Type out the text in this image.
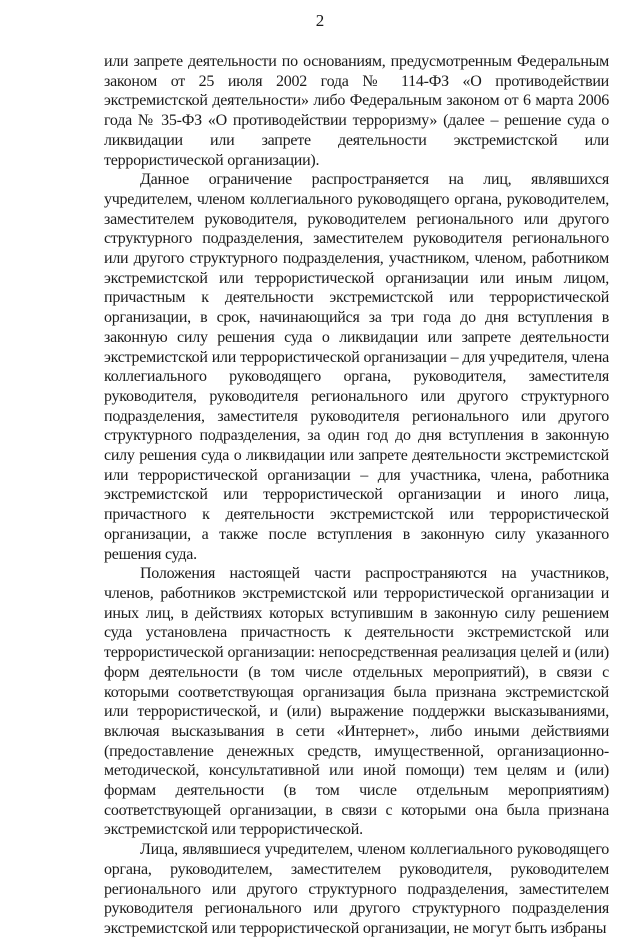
2

или запрете деятельности по основаниям, предусмотренным Федеральным законом от 25 июля 2002 года № 114-ФЗ «О противодействии экстремистской деятельности» либо Федеральным законом от 6 марта 2006 года № 35-ФЗ «О противодействии терроризму» (далее – решение суда о ликвидации или запрете деятельности экстремистской или террористической организации).

Данное ограничение распространяется на лиц, являвшихся учредителем, членом коллегиального руководящего органа, руководителем, заместителем руководителя, руководителем регионального или другого структурного подразделения, заместителем руководителя регионального или другого структурного подразделения, участником, членом, работником экстремистской или террористической организации или иным лицом, причастным к деятельности экстремистской или террористической организации, в срок, начинающийся за три года до дня вступления в законную силу решения суда о ликвидации или запрете деятельности экстремистской или террористической организации – для учредителя, члена коллегиального руководящего органа, руководителя, заместителя руководителя, руководителя регионального или другого структурного подразделения, заместителя руководителя регионального или другого структурного подразделения, за один год до дня вступления в законную силу решения суда о ликвидации или запрете деятельности экстремистской или террористической организации – для участника, члена, работника экстремистской или террористической организации и иного лица, причастного к деятельности экстремистской или террористической организации, а также после вступления в законную силу указанного решения суда.

Положения настоящей части распространяются на участников, членов, работников экстремистской или террористической организации и иных лиц, в действиях которых вступившим в законную силу решением суда установлена причастность к деятельности экстремистской или террористической организации: непосредственная реализация целей и (или) форм деятельности (в том числе отдельных мероприятий), в связи с которыми соответствующая организация была признана экстремистской или террористической, и (или) выражение поддержки высказываниями, включая высказывания в сети «Интернет», либо иными действиями (предоставление денежных средств, имущественной, организационно-методической, консультативной или иной помощи) тем целям и (или) формам деятельности (в том числе отдельным мероприятиям) соответствующей организации, в связи с которыми она была признана экстремистской или террористической.

Лица, являвшиеся учредителем, членом коллегиального руководящего органа, руководителем, заместителем руководителя, руководителем регионального или другого структурного подразделения, заместителем руководителя регионального или другого структурного подразделения экстремистской или террористической организации, не могут быть избраны
